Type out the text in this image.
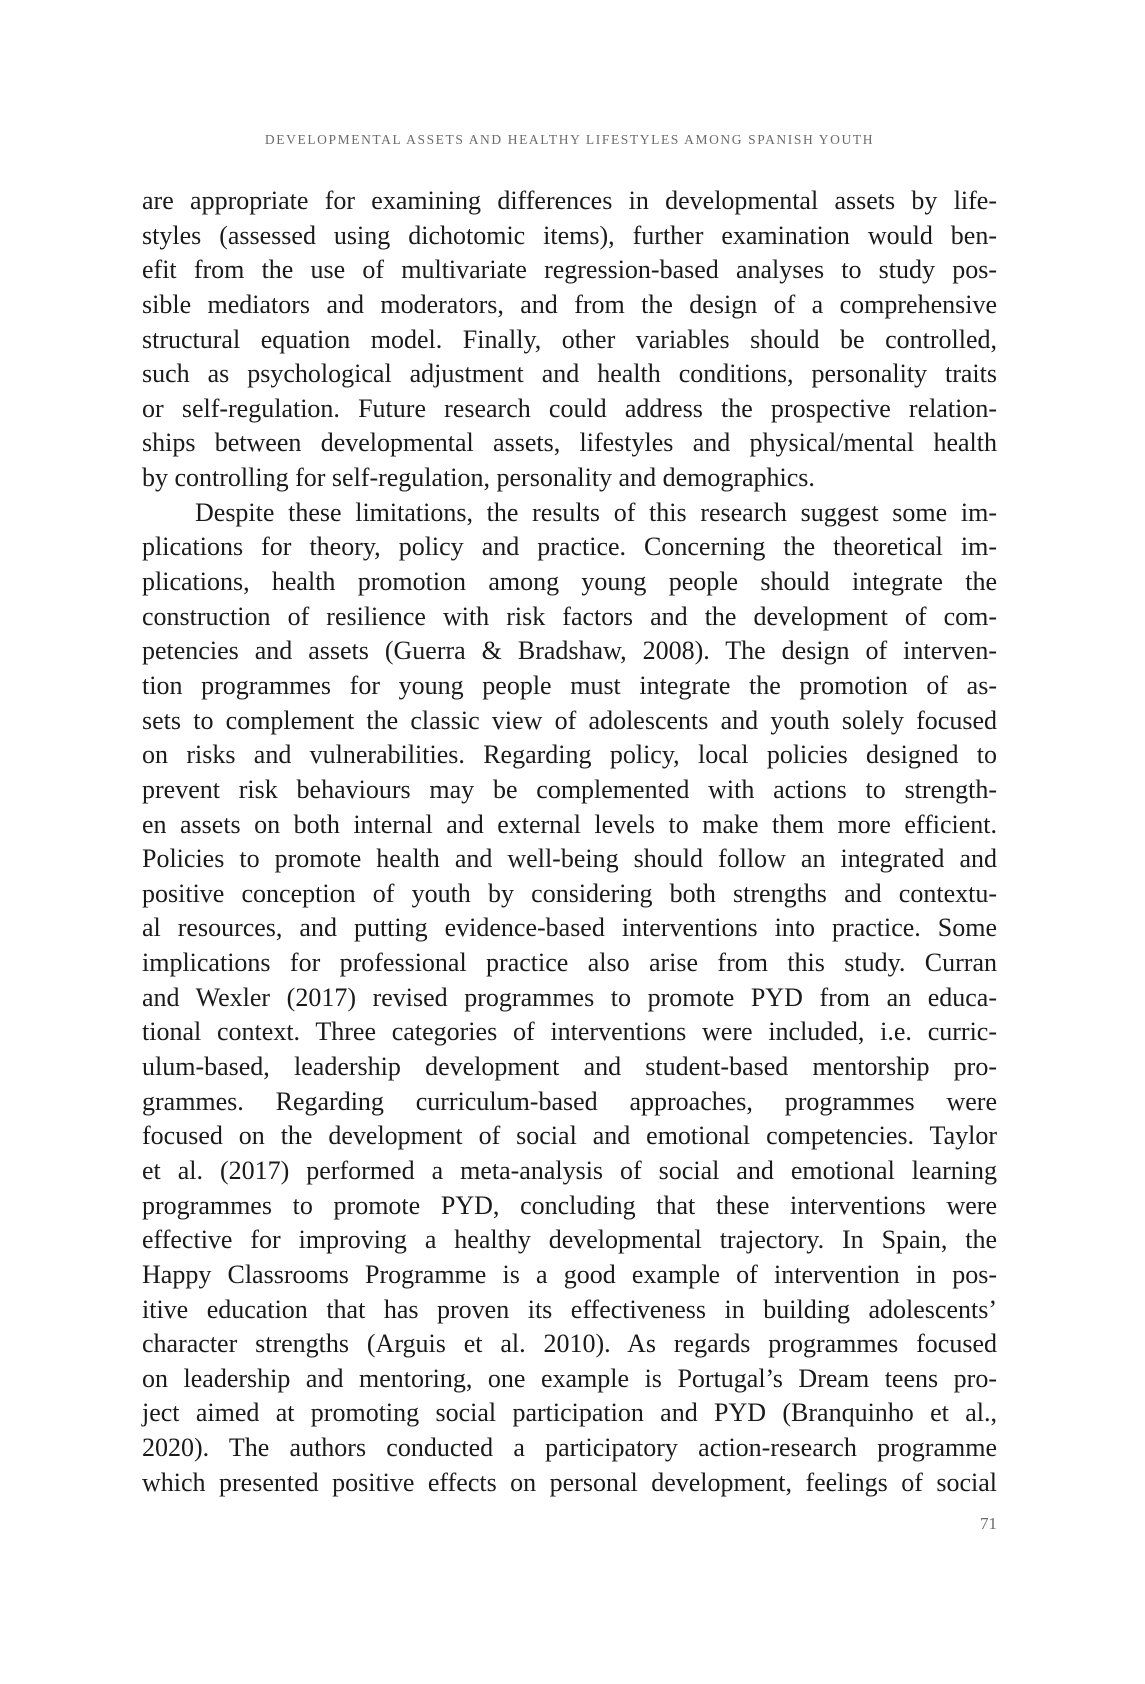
DEVELOPMENTAL ASSETS AND HEALTHY LIFESTYLES AMONG SPANISH YOUTH
are appropriate for examining differences in developmental assets by life-
styles (assessed using dichotomic items), further examination would ben-
efit from the use of multivariate regression-based analyses to study pos-
sible mediators and moderators, and from the design of a comprehensive
structural equation model. Finally, other variables should be controlled,
such as psychological adjustment and health conditions, personality traits
or self-regulation. Future research could address the prospective relation-
ships between developmental assets, lifestyles and physical/mental health
by controlling for self-regulation, personality and demographics.
Despite these limitations, the results of this research suggest some im-
plications for theory, policy and practice. Concerning the theoretical im-
plications, health promotion among young people should integrate the
construction of resilience with risk factors and the development of com-
petencies and assets (Guerra & Bradshaw, 2008). The design of interven-
tion programmes for young people must integrate the promotion of as-
sets to complement the classic view of adolescents and youth solely focused
on risks and vulnerabilities. Regarding policy, local policies designed to
prevent risk behaviours may be complemented with actions to strength-
en assets on both internal and external levels to make them more efficient.
Policies to promote health and well-being should follow an integrated and
positive conception of youth by considering both strengths and contextu-
al resources, and putting evidence-based interventions into practice. Some
implications for professional practice also arise from this study. Curran
and Wexler (2017) revised programmes to promote PYD from an educa-
tional context. Three categories of interventions were included, i.e. curric-
ulum-based, leadership development and student-based mentorship pro-
grammes. Regarding curriculum-based approaches, programmes were
focused on the development of social and emotional competencies. Taylor
et al. (2017) performed a meta-analysis of social and emotional learning
programmes to promote PYD, concluding that these interventions were
effective for improving a healthy developmental trajectory. In Spain, the
Happy Classrooms Programme is a good example of intervention in pos-
itive education that has proven its effectiveness in building adolescents’
character strengths (Arguis et al. 2010). As regards programmes focused
on leadership and mentoring, one example is Portugal’s Dream teens pro-
ject aimed at promoting social participation and PYD (Branquinho et al.,
2020). The authors conducted a participatory action-research programme
which presented positive effects on personal development, feelings of social
71
